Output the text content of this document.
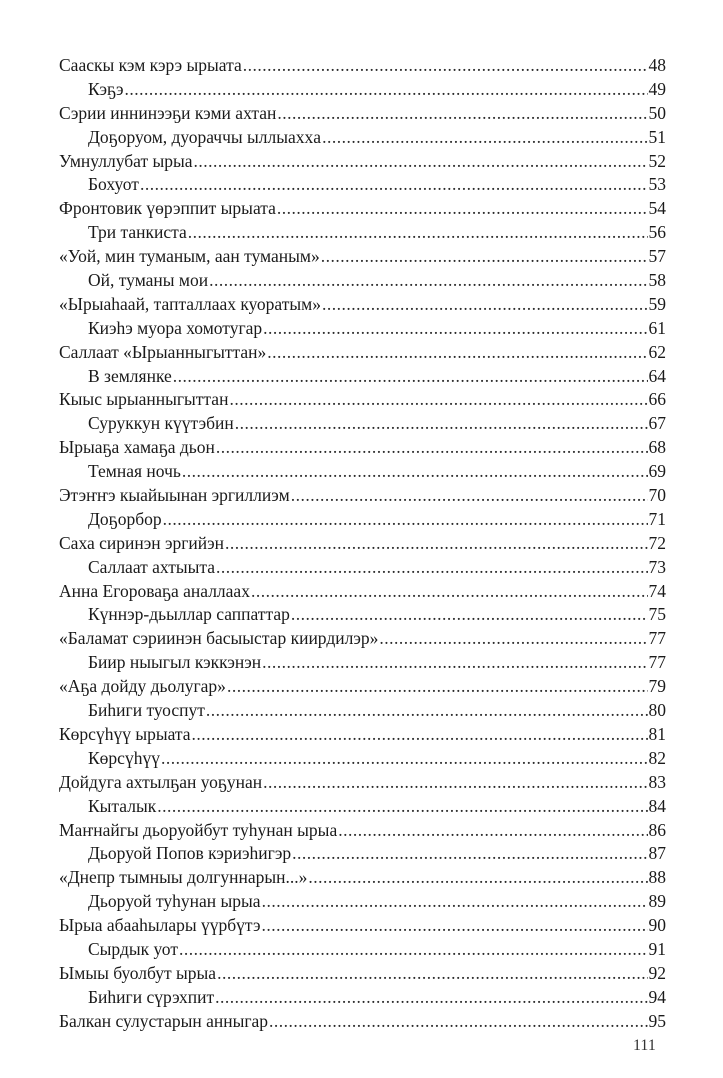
Сааскы кэм кэрэ ырыата .....	48
Кэҕэ .....	49
Сэрии иннинээҕи кэми ахтан .....	50
Доҕоруом, дуораччы ыллыаххa .....	51
Умнуллубат ырыа .....	52
Бохуот .....	53
Фронтовик үөрэппит ырыата .....	54
Три танкиста .....	56
«Уой, мин туманым, аан туманым» .....	57
Ой, туманы мои .....	58
«Ырыаһаай, тапталлаах куоратым» .....	59
Киэһэ муора хомотугар .....	61
Саллаат «Ырыанныгыттан» .....	62
В землянке .....	64
Кыыс ырыанныгыттан .....	66
Суруккун күүтэбин .....	67
Ырыаҕа хамаҕа дьон .....	68
Темная ночь .....	69
Этэҥҥэ кыайыынан эргиллиэм .....	70
Доҕорбор .....	71
Саха сиринэн эргийэн .....	72
Саллаат ахтыыта .....	73
Анна Егороваҕа аналлаах .....	74
Күннэр-дьыллар саппаттар .....	75
«Баламат сэриинэн басыыстар киирдилэр» .....	77
Биир ныыгыл кэккэнэн .....	77
«Аҕа дойду дьолугар» .....	79
Биһиги туоспут .....	80
Көрсүһүү ырыата .....	81
Көрсүһүү .....	82
Дойдуга ахтылҕан уоҕунан .....	83
Кыталык .....	84
Маҥнайгы дьоруойбут туһунан ырыа .....	86
Дьоруой Попов кэриэһигэр .....	87
«Днепр тымныы долгуннарын...» .....	88
Дьоруой туһунан ырыа .....	89
Ырыа абааһылары үүрбүтэ .....	90
Сырдык уот .....	91
Ымыы буолбут ырыа .....	92
Биһиги сүрэхпит .....	94
Балкан сулустарын анныгар .....	95
111
